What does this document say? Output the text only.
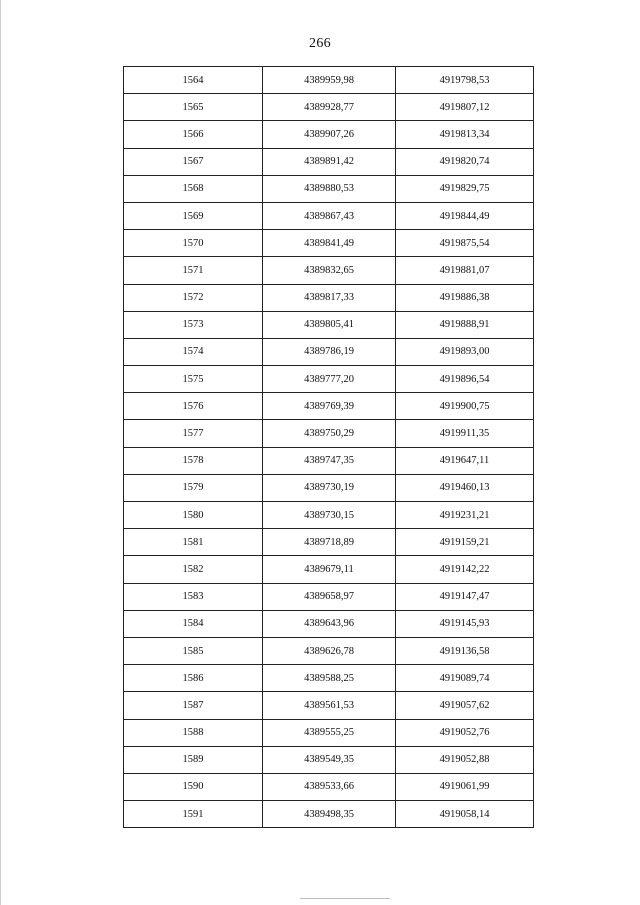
266
1564	4389959,98	4919798,53
1565	4389928,77	4919807,12
1566	4389907,26	4919813,34
1567	4389891,42	4919820,74
1568	4389880,53	4919829,75
1569	4389867,43	4919844,49
1570	4389841,49	4919875,54
1571	4389832,65	4919881,07
1572	4389817,33	4919886,38
1573	4389805,41	4919888,91
1574	4389786,19	4919893,00
1575	4389777,20	4919896,54
1576	4389769,39	4919900,75
1577	4389750,29	4919911,35
1578	4389747,35	4919647,11
1579	4389730,19	4919460,13
1580	4389730,15	4919231,21
1581	4389718,89	4919159,21
1582	4389679,11	4919142,22
1583	4389658,97	4919147,47
1584	4389643,96	4919145,93
1585	4389626,78	4919136,58
1586	4389588,25	4919089,74
1587	4389561,53	4919057,62
1588	4389555,25	4919052,76
1589	4389549,35	4919052,88
1590	4389533,66	4919061,99
1591	4389498,35	4919058,14
